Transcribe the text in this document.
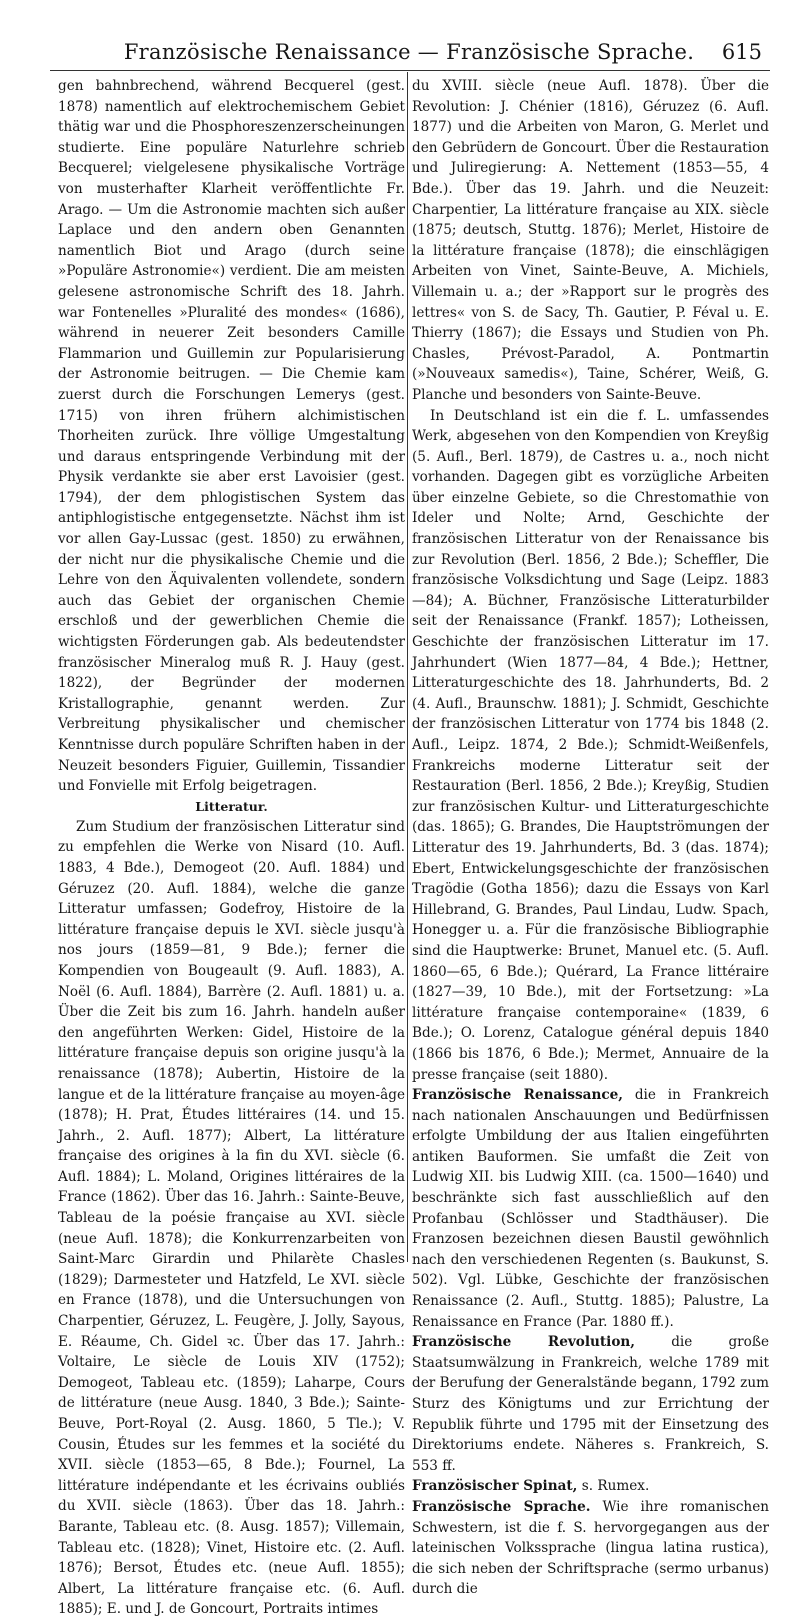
Französische Renaissance — Französische Sprache.	615

gen bahnbrechend, während Becquerel (gest. 1878) namentlich auf elektrochemischem Gebiet thätig war und die Phosphoreszenzerscheinungen studierte. Eine populäre Naturlehre schrieb Becquerel; vielgelesene physikalische Vorträge von musterhafter Klarheit veröffentlichte Fr. Arago. — Um die Astronomie machten sich außer Laplace und den andern oben Genannten namentlich Biot und Arago (durch seine »Populäre Astronomie«) verdient. Die am meisten gelesene astronomische Schrift des 18. Jahrh. war Fontenelles »Pluralité des mondes« (1686), während in neuerer Zeit besonders Camille Flammarion und Guillemin zur Popularisierung der Astronomie beitrugen. — Die Chemie kam zuerst durch die Forschungen Lemerys (gest. 1715) von ihren frühern alchimistischen Thorheiten zurück. Ihre völlige Umgestaltung und daraus entspringende Verbindung mit der Physik verdankte sie aber erst Lavoisier (gest. 1794), der dem phlogistischen System das antiphlogistische entgegensetzte. Nächst ihm ist vor allen Gay-Lussac (gest. 1850) zu erwähnen, der nicht nur die physikalische Chemie und die Lehre von den Äquivalenten vollendete, sondern auch das Gebiet der organischen Chemie erschloß und der gewerblichen Chemie die wichtigsten Förderungen gab. Als bedeutendster französischer Mineralog muß R. J. Hauy (gest. 1822), der Begründer der modernen Kristallographie, genannt werden. Zur Verbreitung physikalischer und chemischer Kenntnisse durch populäre Schriften haben in der Neuzeit besonders Figuier, Guillemin, Tissandier und Fonvielle mit Erfolg beigetragen.

Litteratur.

Zum Studium der französischen Litteratur sind zu empfehlen die Werke von Nisard (10. Aufl. 1883, 4 Bde.), Demogeot (20. Aufl. 1884) und Géruzez (20. Aufl. 1884), welche die ganze Litteratur umfassen; Godefroy, Histoire de la littérature française depuis le XVI. siècle jusqu'à nos jours (1859—81, 9 Bde.); ferner die Kompendien von Bougeault (9. Aufl. 1883), A. Noël (6. Aufl. 1884), Barrère (2. Aufl. 1881) u. a. Über die Zeit bis zum 16. Jahrh. handeln außer den angeführten Werken: Gidel, Histoire de la littérature française depuis son origine jusqu'à la renaissance (1878); Aubertin, Histoire de la langue et de la littérature française au moyen-âge (1878); H. Prat, Études littéraires (14. und 15. Jahrh., 2. Aufl. 1877); Albert, La littérature française des origines à la fin du XVI. siècle (6. Aufl. 1884); L. Moland, Origines littéraires de la France (1862). Über das 16. Jahrh.: Sainte-Beuve, Tableau de la poésie française au XVI. siècle (neue Aufl. 1878); die Konkurrenzarbeiten von Saint-Marc Girardin und Philarète Chasles (1829); Darmesteter und Hatzfeld, Le XVI. siècle en France (1878), und die Untersuchungen von Charpentier, Géruzez, L. Feugère, J. Jolly, Sayous, E. Réaume, Ch. Gidel ꝛc. Über das 17. Jahrh.: Voltaire, Le siècle de Louis XIV (1752); Demogeot, Tableau etc. (1859); Laharpe, Cours de littérature (neue Ausg. 1840, 3 Bde.); Sainte-Beuve, Port-Royal (2. Ausg. 1860, 5 Tle.); V. Cousin, Études sur les femmes et la société du XVII. siècle (1853—65, 8 Bde.); Fournel, La littérature indépendante et les écrivains oubliés du XVII. siècle (1863). Über das 18. Jahrh.: Barante, Tableau etc. (8. Ausg. 1857); Villemain, Tableau etc. (1828); Vinet, Histoire etc. (2. Aufl. 1876); Bersot, Études etc. (neue Aufl. 1855); Albert, La littérature française etc. (6. Aufl. 1885); E. und J. de Goncourt, Portraits intimes

du XVIII. siècle (neue Aufl. 1878). Über die Revolution: J. Chénier (1816), Géruzez (6. Aufl. 1877) und die Arbeiten von Maron, G. Merlet und den Gebrüdern de Goncourt. Über die Restauration und Juliregierung: A. Nettement (1853—55, 4 Bde.). Über das 19. Jahrh. und die Neuzeit: Charpentier, La littérature française au XIX. siècle (1875; deutsch, Stuttg. 1876); Merlet, Histoire de la littérature française (1878); die einschlägigen Arbeiten von Vinet, Sainte-Beuve, A. Michiels, Villemain u. a.; der »Rapport sur le progrès des lettres« von S. de Sacy, Th. Gautier, P. Féval u. E. Thierry (1867); die Essays und Studien von Ph. Chasles, Prévost-Paradol, A. Pontmartin (»Nouveaux samedis«), Taine, Schérer, Weiß, G. Planche und besonders von Sainte-Beuve.

In Deutschland ist ein die f. L. umfassendes Werk, abgesehen von den Kompendien von Kreyßig (5. Aufl., Berl. 1879), de Castres u. a., noch nicht vorhanden. Dagegen gibt es vorzügliche Arbeiten über einzelne Gebiete, so die Chrestomathie von Ideler und Nolte; Arnd, Geschichte der französischen Litteratur von der Renaissance bis zur Revolution (Berl. 1856, 2 Bde.); Scheffler, Die französische Volksdichtung und Sage (Leipz. 1883—84); A. Büchner, Französische Litteraturbilder seit der Renaissance (Frankf. 1857); Lotheissen, Geschichte der französischen Litteratur im 17. Jahrhundert (Wien 1877—84, 4 Bde.); Hettner, Litteraturgeschichte des 18. Jahrhunderts, Bd. 2 (4. Aufl., Braunschw. 1881); J. Schmidt, Geschichte der französischen Litteratur von 1774 bis 1848 (2. Aufl., Leipz. 1874, 2 Bde.); Schmidt-Weißenfels, Frankreichs moderne Litteratur seit der Restauration (Berl. 1856, 2 Bde.); Kreyßig, Studien zur französischen Kultur- und Litteraturgeschichte (das. 1865); G. Brandes, Die Hauptströmungen der Litteratur des 19. Jahrhunderts, Bd. 3 (das. 1874); Ebert, Entwickelungsgeschichte der französischen Tragödie (Gotha 1856); dazu die Essays von Karl Hillebrand, G. Brandes, Paul Lindau, Ludw. Spach, Honegger u. a. Für die französische Bibliographie sind die Hauptwerke: Brunet, Manuel etc. (5. Aufl. 1860—65, 6 Bde.); Quérard, La France littéraire (1827—39, 10 Bde.), mit der Fortsetzung: »La littérature française contemporaine« (1839, 6 Bde.); O. Lorenz, Catalogue général depuis 1840 (1866 bis 1876, 6 Bde.); Mermet, Annuaire de la presse française (seit 1880).

Französische Renaissance, die in Frankreich nach nationalen Anschauungen und Bedürfnissen erfolgte Umbildung der aus Italien eingeführten antiken Bauformen. Sie umfaßt die Zeit von Ludwig XII. bis Ludwig XIII. (ca. 1500—1640) und beschränkte sich fast ausschließlich auf den Profanbau (Schlösser und Stadthäuser). Die Franzosen bezeichnen diesen Baustil gewöhnlich nach den verschiedenen Regenten (s. Baukunst, S. 502). Vgl. Lübke, Geschichte der französischen Renaissance (2. Aufl., Stuttg. 1885); Palustre, La Renaissance en France (Par. 1880 ff.).

Französische Revolution, die große Staatsumwälzung in Frankreich, welche 1789 mit der Berufung der Generalstände begann, 1792 zum Sturz des Königtums und zur Errichtung der Republik führte und 1795 mit der Einsetzung des Direktoriums endete. Näheres s. Frankreich, S. 553 ff.

Französischer Spinat, s. Rumex.

Französische Sprache. Wie ihre romanischen Schwestern, ist die f. S. hervorgegangen aus der lateinischen Volkssprache (lingua latina rustica), die sich neben der Schriftsprache (sermo urbanus) durch die
